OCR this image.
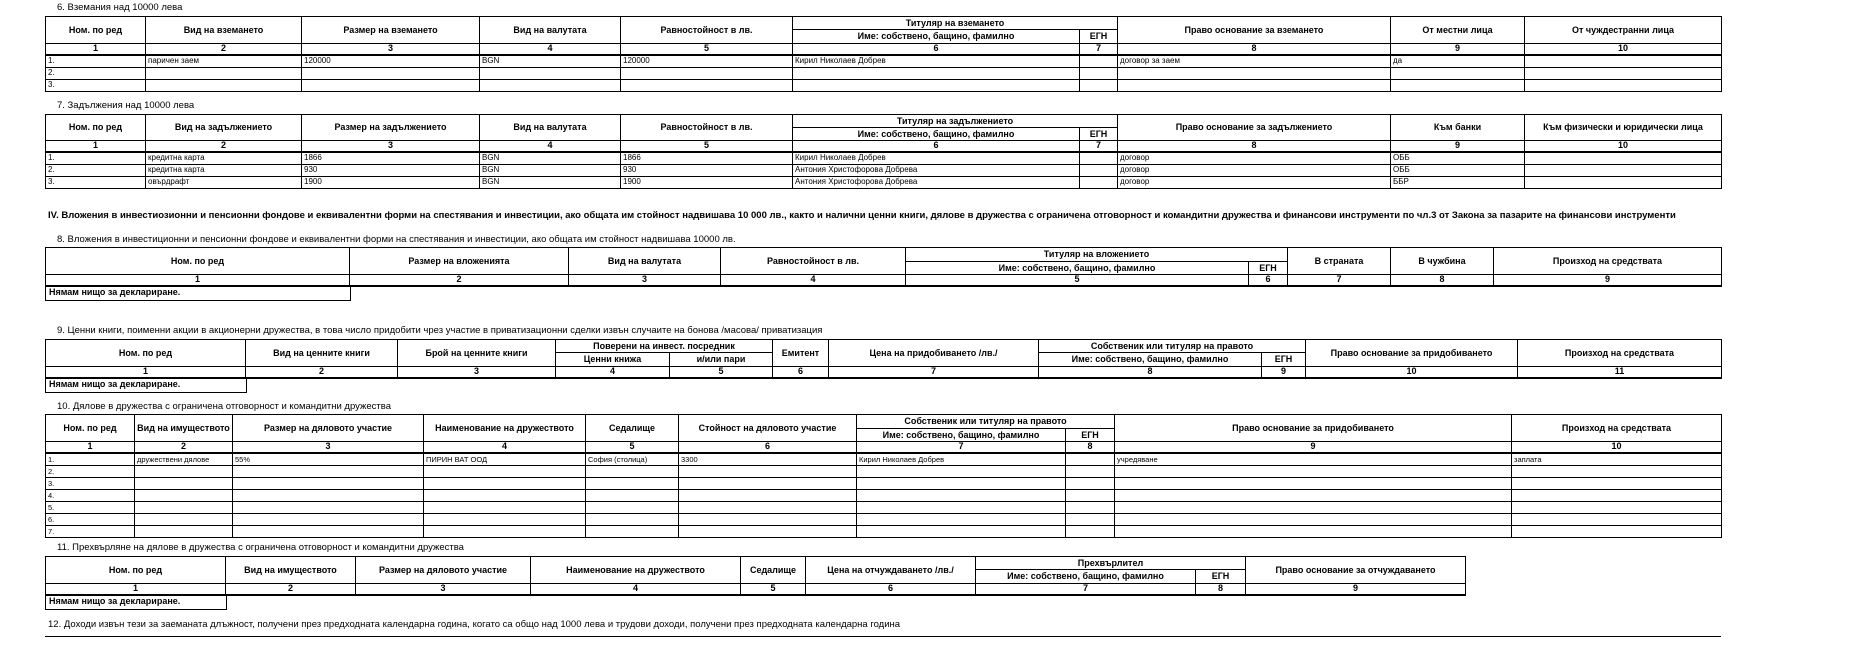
6. Вземания над 10000 лева
Ном. по ред	Вид на вземането	Размер на вземането	Вид на валутата	Равностойност в лв.	Титуляр на вземането		Право основание за вземането	От местни лица	От чуждестранни лица
					Име: собствено, бащино, фамилно	ЕГН			
1	2	3	4	5	6	7	8	9	10
1.	паричен заем	120000	BGN	120000	Кирил Николаев Добрев		договор за заем	да	
2.									
3.									
7. Задължения над 10000 лева
Ном. по ред	Вид на задължението	Размер на задължението	Вид на валутата	Равностойност в лв.	Титуляр на задължението		Право основание за задължението	Към банки	Към физически и юридически лица
					Име: собствено, бащино, фамилно	ЕГН			
1	2	3	4	5	6	7	8	9	10
1.	кредитна карта	1866	BGN	1866	Кирил Николаев Добрев		договор	ОББ	
2.	кредитна карта	930	BGN	930	Антония Христофорова Добрева		договор	ОББ	
3.	овърдрафт	1900	BGN	1900	Антония Христофорова Добрева		договор	ББР	
IV. Вложения в инвестиозионни и пенсионни фондове и еквивалентни форми на спестявания и инвестиции, ако общата им стойност надвишава 10 000 лв., както и налични ценни книги, дялове в дружества с ограничена отговорност и командитни дружества и финансови инструменти по чл.3 от Закона за пазарите на финансови инструменти
8. Вложения в инвестиционни и пенсионни фондове и еквивалентни форми на спестявания и инвестиции, ако общата им стойност надвишава 10000 лв.
Ном. по ред	Размер на вложенията	Вид на валутата	Равностойност в лв.	Титуляр на вложението		В страната	В чужбина	Произход на средствата
				Име: собствено, бащино, фамилно	ЕГН			
1	2	3	4	5	6	7	8	9
Нямам нищо за деклариране.
9. Ценни книги, поименни акции в акционерни дружества, в това число придобити чрез участие в приватизационни сделки извън случаите на бонова /масова/ приватизация
Ном. по ред	Вид на ценните книги	Брой на ценните книги	Поверени на инвест. посредник		Емитент	Цена на придобиването /лв./	Собственик или титуляр на правото		Право основание за придобиването	Произход на средствата
			Ценни книжа	и/или пари			Име: собствено, бащино, фамилно	ЕГН		
1	2	3	4	5	6	7	8	9	10	11
Нямам нищо за деклариране.
10. Дялове в дружества с ограничена отговорност и командитни дружества
Ном. по ред	Вид на имуществото	Размер на дяловото участие	Наименование на дружеството	Седалище	Стойност на дяловото участие	Собственик или титуляр на правото		Право основание за придобиването	Произход на средствата
						Име: собствено, бащино, фамилно	ЕГН		
1	2	3	4	5	6	7	8	9	10
1.	дружествени дялове	55%	ПИРИН ВАТ ООД	София (столица)	3300	Кирил Николаев Добрев		учредяване	заплата
2.									
3.									
4.									
5.									
6.									
7.									
11. Прехвърляне на дялове в дружества с ограничена отговорност и командитни дружества
Ном. по ред	Вид на имуществото	Размер на дяловото участие	Наименование на дружеството	Седалище	Цена на отчуждаването /лв./	Прехвърлител		Право основание за отчуждаването
						Име: собствено, бащино, фамилно	ЕГН	
1	2	3	4	5	6	7	8	9
Нямам нищо за деклариране.
12. Доходи извън тези за заеманата длъжност, получени през предходната календарна година, когато са общо над 1000 лева и трудови доходи, получени през предходната календарна година
